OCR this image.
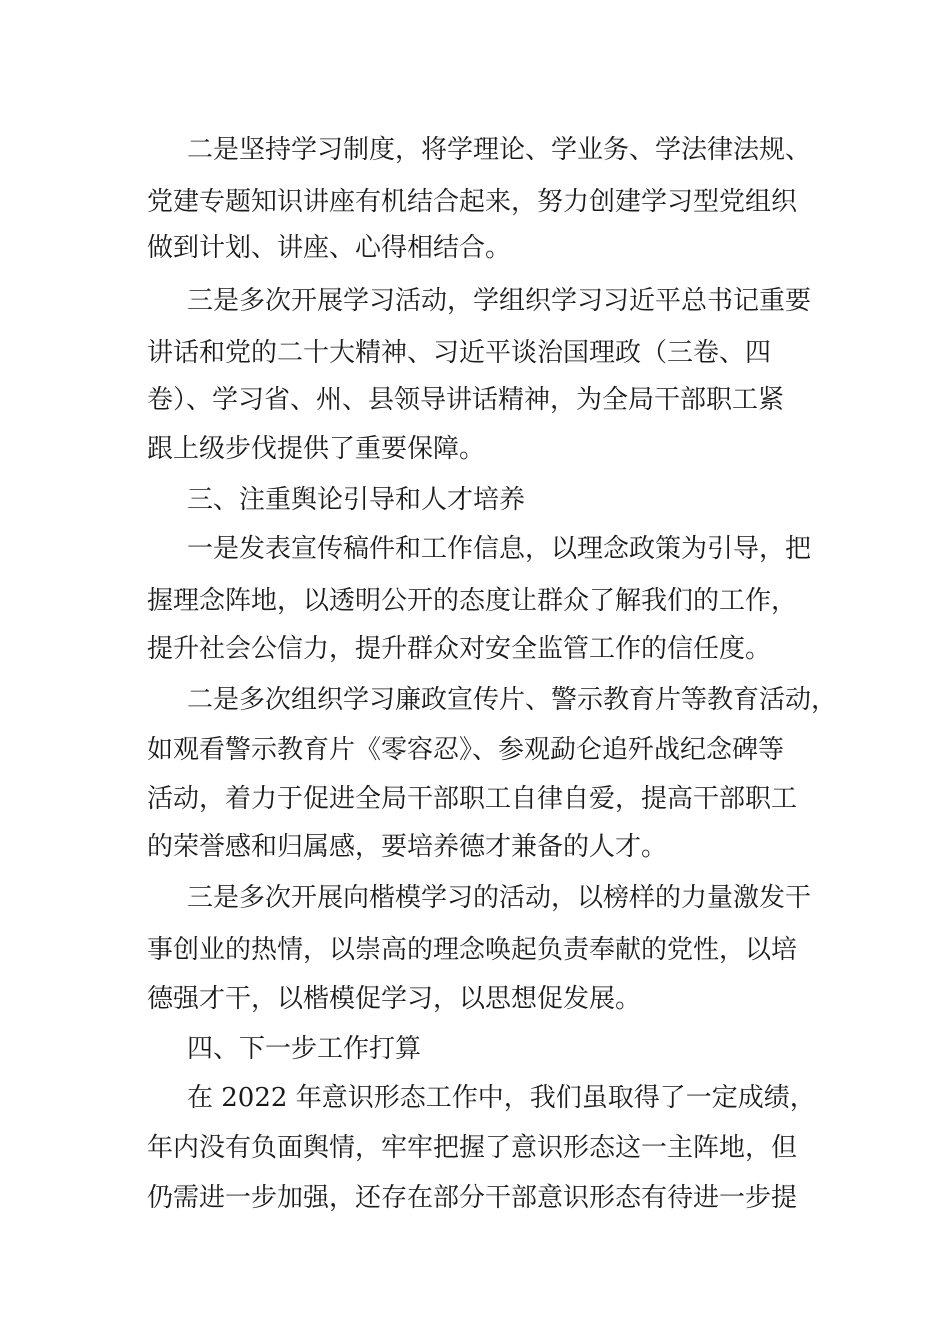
二是坚持学习制度，将学理论、学业务、学法律法规、
党建专题知识讲座有机结合起来，努力创建学习型党组织
做到计划、讲座、心得相结合。
三是多次开展学习活动，学组织学习习近平总书记重要
讲话和党的二十大精神、习近平谈治国理政（三卷、四
卷）、学习省、州、县领导讲话精神，为全局干部职工紧
跟上级步伐提供了重要保障。
三、注重舆论引导和人才培养
一是发表宣传稿件和工作信息，以理念政策为引导，把
握理念阵地，以透明公开的态度让群众了解我们的工作，
提升社会公信力，提升群众对安全监管工作的信任度。
二是多次组织学习廉政宣传片、警示教育片等教育活动，
如观看警示教育片《零容忍》、参观勐仑追歼战纪念碑等
活动，着力于促进全局干部职工自律自爱，提高干部职工
的荣誉感和归属感，要培养德才兼备的人才。
三是多次开展向楷模学习的活动，以榜样的力量激发干
事创业的热情，以崇高的理念唤起负责奉献的党性，以培
德强才干，以楷模促学习，以思想促发展。
四、下一步工作打算
在 2022 年意识形态工作中，我们虽取得了一定成绩，
年内没有负面舆情，牢牢把握了意识形态这一主阵地，但
仍需进一步加强，还存在部分干部意识形态有待进一步提
